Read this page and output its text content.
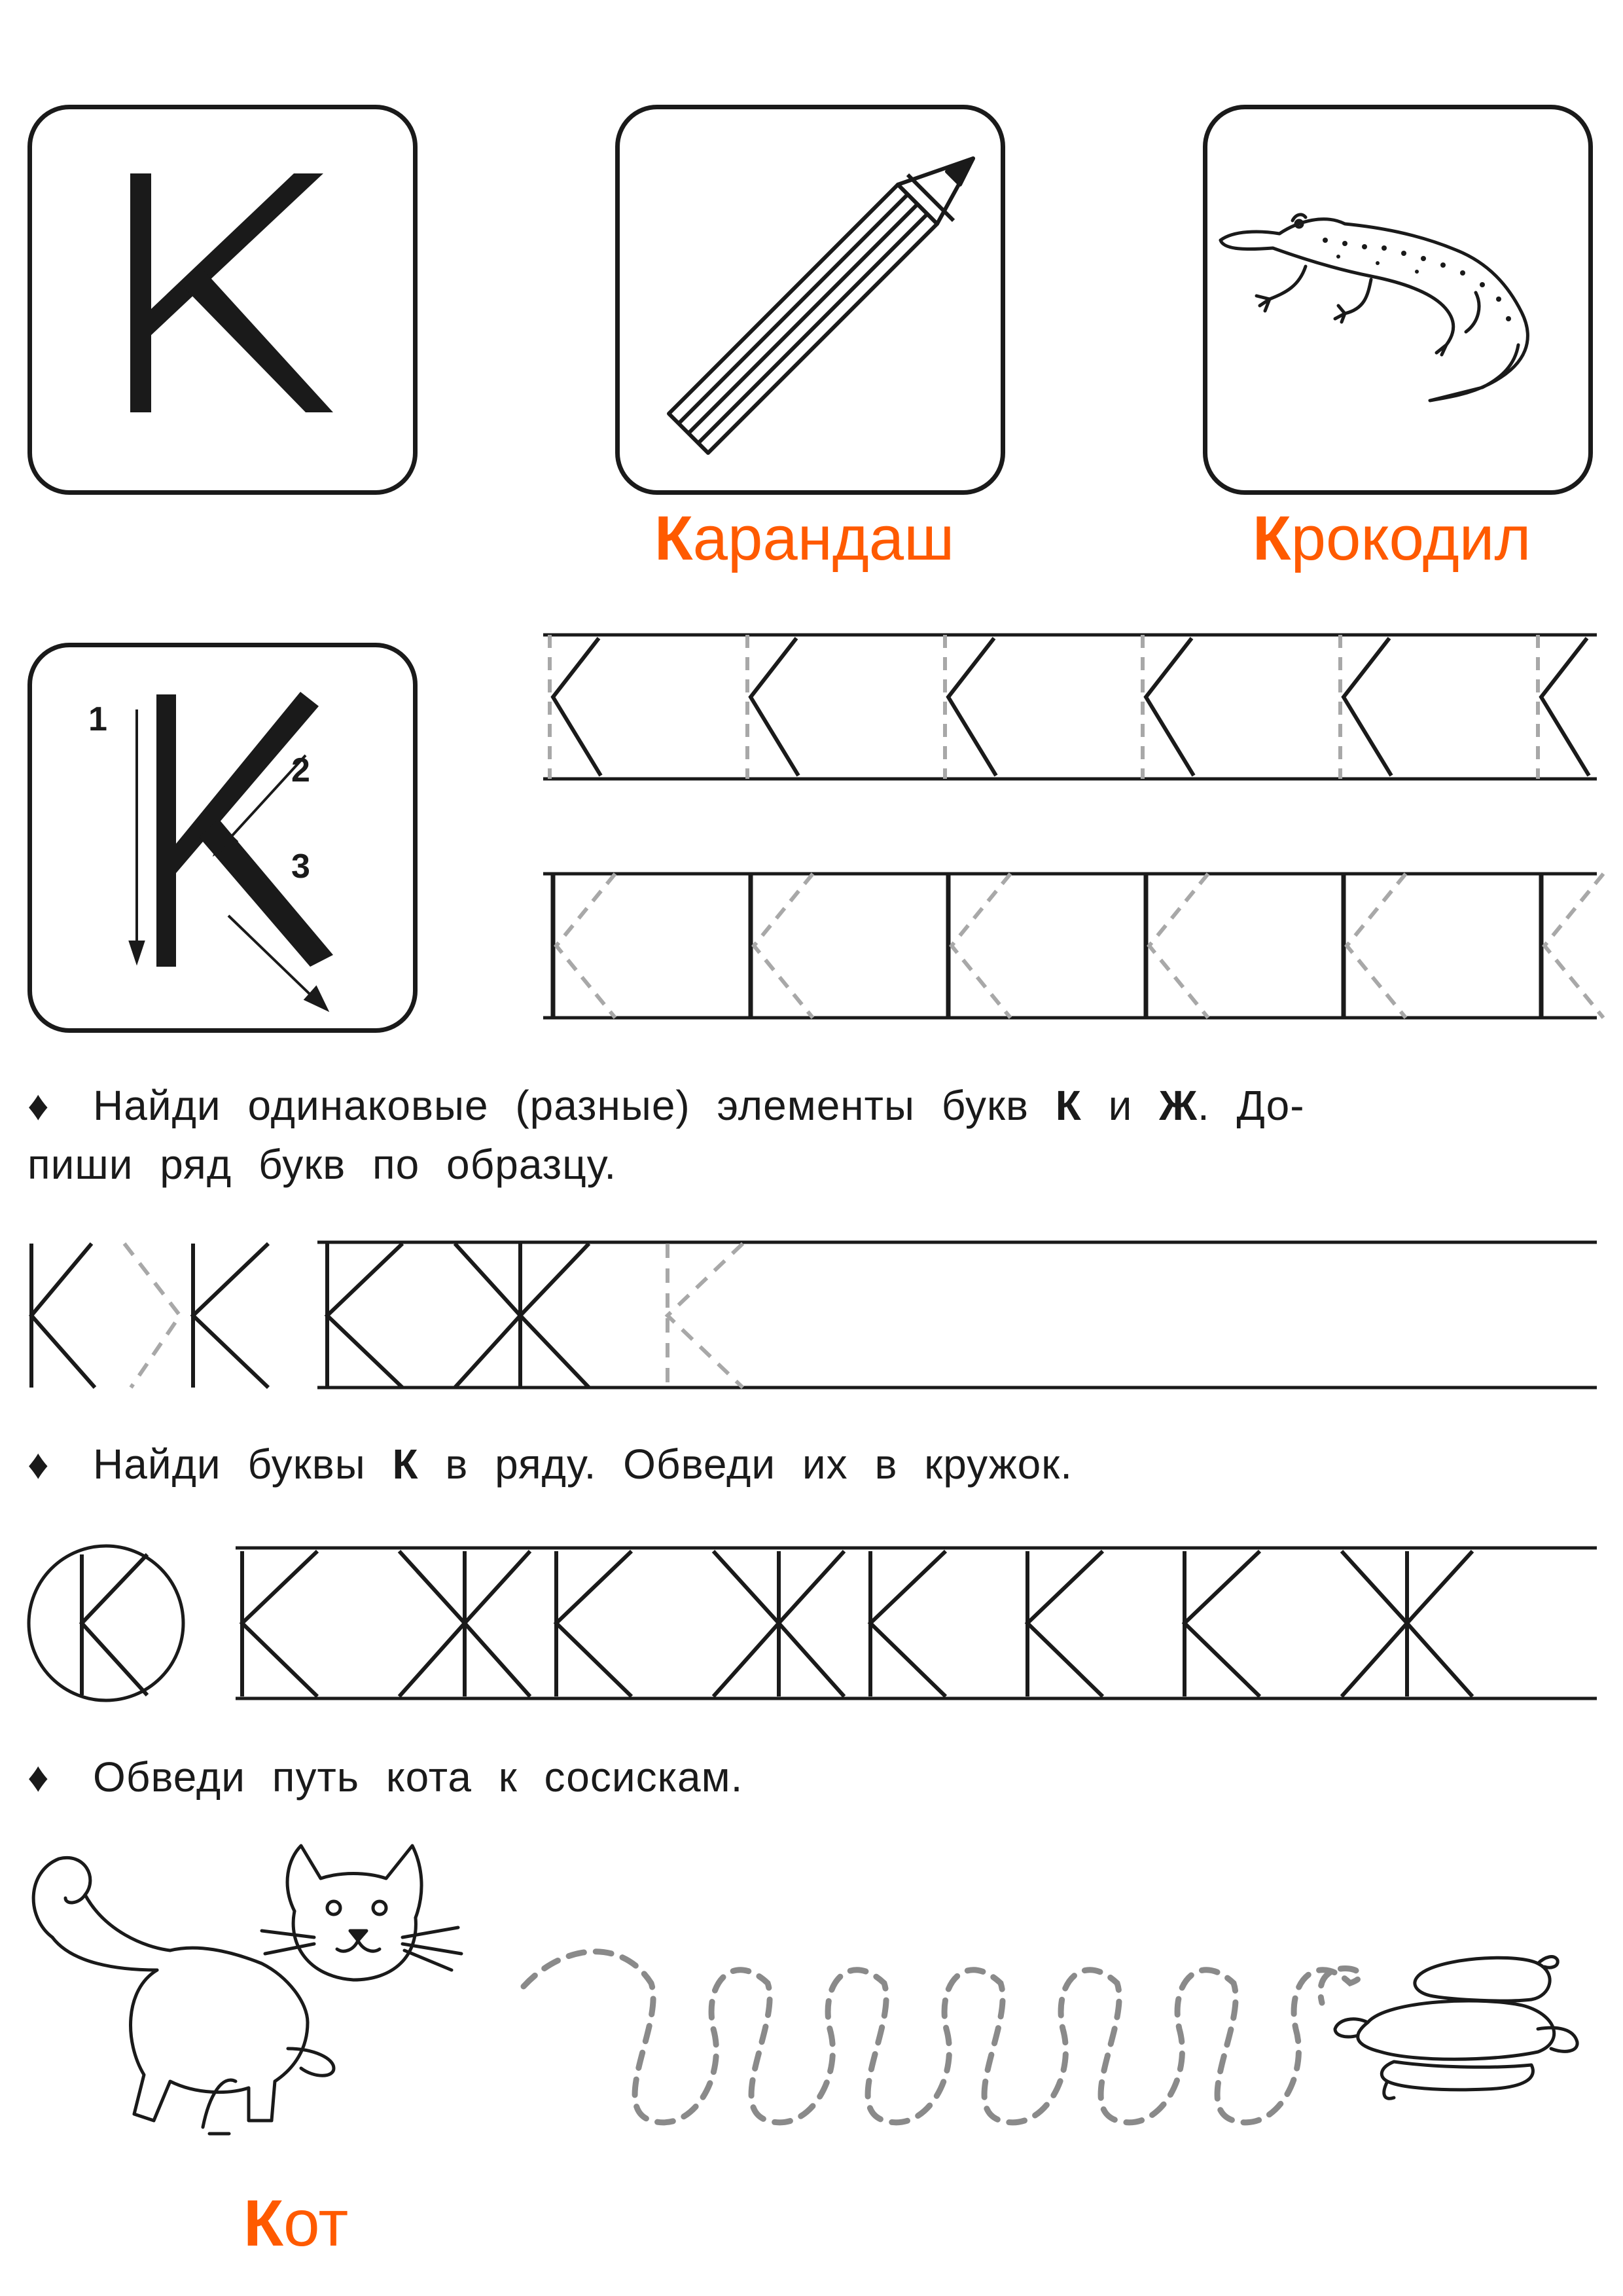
Карандаш	Крокодил
1
2
3
♦ Найди одинаковые (разные) элементы букв К и Ж. До-
пиши ряд букв по образцу.
♦ Найди буквы К в ряду. Обведи их в кружок.
♦ Обведи путь кота к сосискам.
Кот
